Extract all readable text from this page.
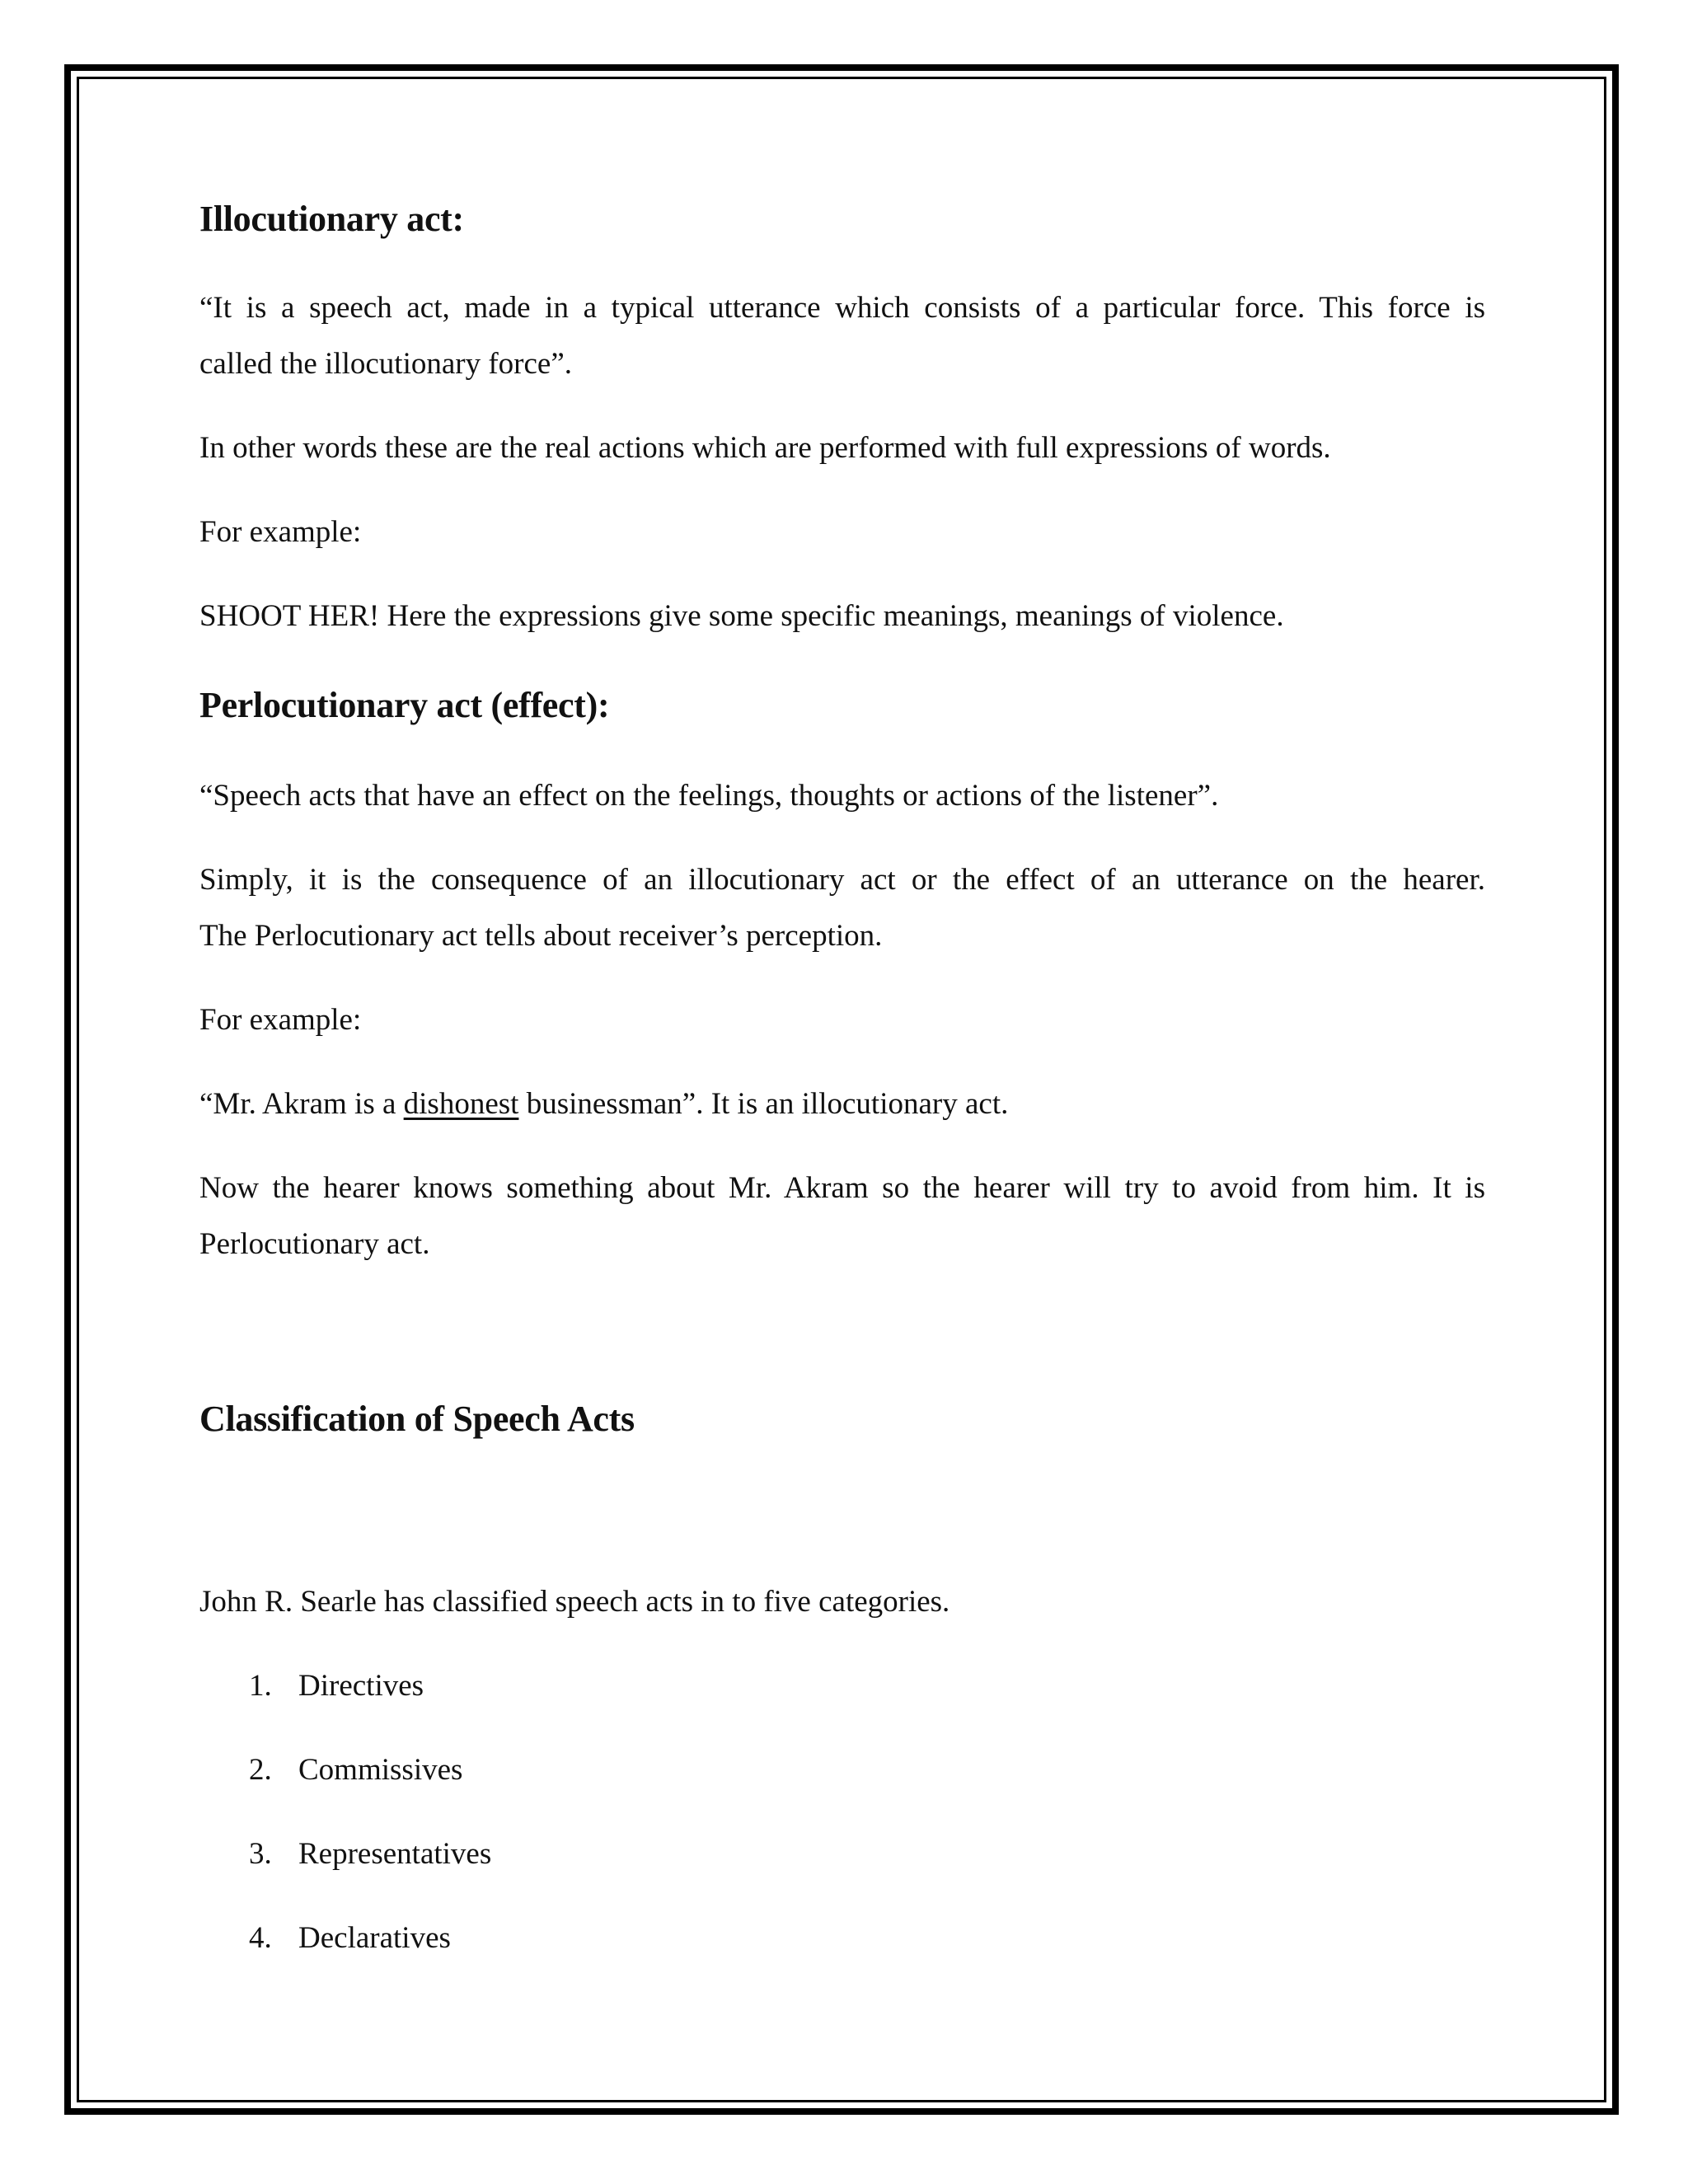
Illocutionary act:

“It is a speech act, made in a typical utterance which consists of a particular force. This force is

called the illocutionary force”.

In other words these are the real actions which are performed with full expressions of words.

For example:

SHOOT HER! Here the expressions give some specific meanings, meanings of violence.

Perlocutionary act (effect):

“Speech acts that have an effect on the feelings, thoughts or actions of the listener”.

Simply, it is the consequence of an illocutionary act or the effect of an utterance on the hearer.

The Perlocutionary act tells about receiver’s perception.

For example:

“Mr. Akram is a dishonest businessman”. It is an illocutionary act.

Now the hearer knows something about Mr. Akram so the hearer will try to avoid from him. It is

Perlocutionary act.

Classification of Speech Acts

John R. Searle has classified speech acts in to five categories.

1. Directives
2. Commissives
3. Representatives
4. Declaratives
